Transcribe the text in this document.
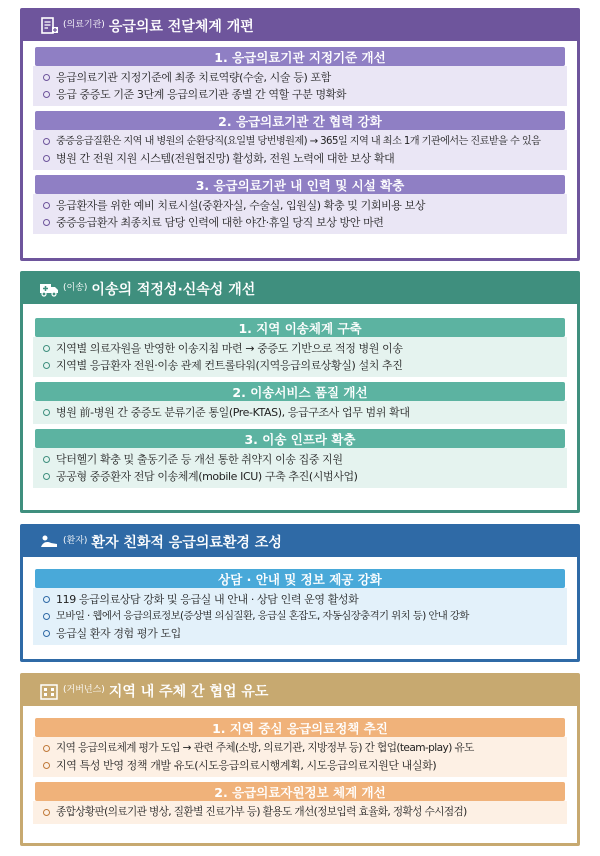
(의료기관) 응급의료 전달체계 개편
1. 응급의료기관 지정기준 개선
응급의료기관 지정기준에 최종 치료역량(수술, 시술 등) 포함
응급 중증도 기준 3단계 응급의료기관 종별 간 역할 구분 명확화
2. 응급의료기관 간 협력 강화
중증응급질환은 지역 내 병원의 순환당직(요일별 당번병원제) → 365일 지역 내 최소 1개 기관에서는 진료받을 수 있음
병원 간 전원 지원 시스템(전원협진망) 활성화, 전원 노력에 대한 보상 확대
3. 응급의료기관 내 인력 및 시설 확충
응급환자를 위한 예비 치료시설(중환자실, 수술실, 입원실) 확충 및 기회비용 보상
중증응급환자 최종치료 담당 인력에 대한 야간·휴일 당직 보상 방안 마련
(이송) 이송의 적정성·신속성 개선
1. 지역 이송체계 구축
지역별 의료자원을 반영한 이송지침 마련 → 중증도 기반으로 적정 병원 이송
지역별 응급환자 전원·이송 관제 컨트롤타워(지역응급의료상황실) 설치 추진
2. 이송서비스 품질 개선
병원 前-병원 간 중증도 분류기준 통일(Pre-KTAS), 응급구조사 업무 범위 확대
3. 이송 인프라 확충
닥터헬기 확충 및 출동기준 등 개선 통한 취약지 이송 집중 지원
공공형 중증환자 전담 이송체계(mobile ICU) 구축 추진(시범사업)
(환자) 환자 친화적 응급의료환경 조성
상담 · 안내 및 정보 제공 강화
119 응급의료상담 강화 및 응급실 내 안내 · 상담 인력 운영 활성화
모바일 · 웹에서 응급의료정보(증상별 의심질환, 응급실 혼잡도, 자동심장충격기 위치 등) 안내 강화
응급실 환자 경험 평가 도입
(거버넌스) 지역 내 주체 간 협업 유도
1. 지역 중심 응급의료정책 추진
지역 응급의료체계 평가 도입 → 관련 주체(소방, 의료기관, 지방정부 등) 간 협업(team-play) 유도
지역 특성 반영 정책 개발 유도(시도응급의료시행계획, 시도응급의료지원단 내실화)
2. 응급의료자원정보 체계 개선
종합상황판(의료기관 병상, 질환별 진료가부 등) 활용도 개선(정보입력 효율화, 정확성 수시점검)
